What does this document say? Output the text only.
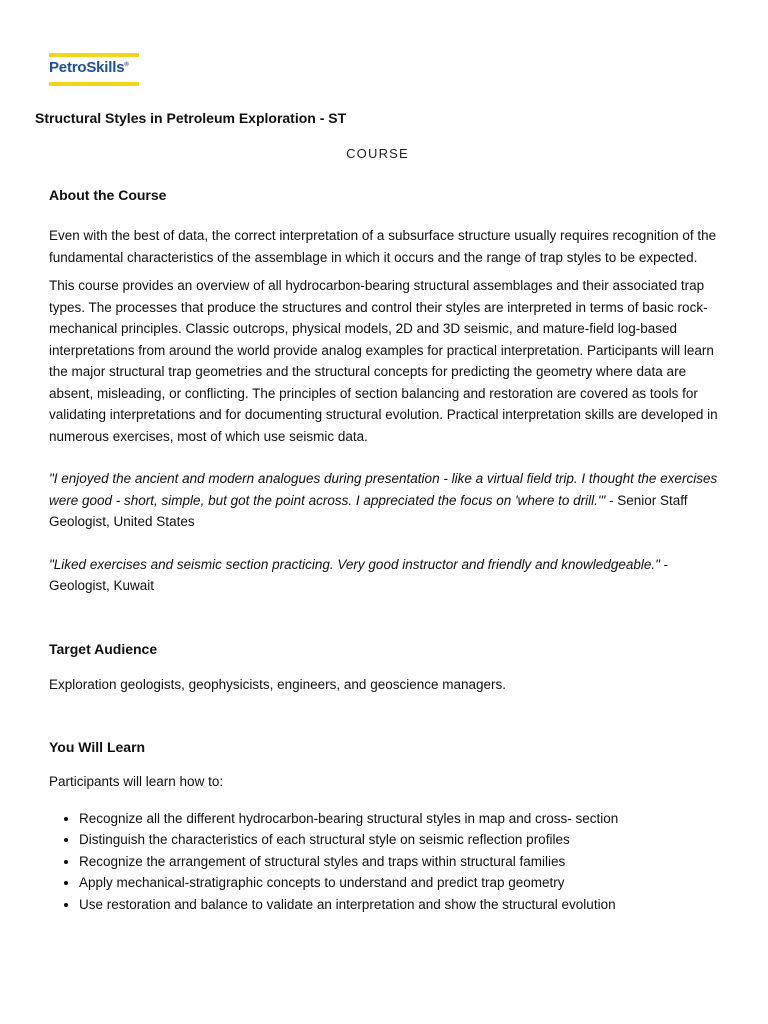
PetroSkills®
Structural Styles in Petroleum Exploration - ST
COURSE
About the Course

Even with the best of data, the correct interpretation of a subsurface structure usually requires recognition of the fundamental characteristics of the assemblage in which it occurs and the range of trap styles to be expected.

This course provides an overview of all hydrocarbon-bearing structural assemblages and their associated trap types. The processes that produce the structures and control their styles are interpreted in terms of basic rock-mechanical principles. Classic outcrops, physical models, 2D and 3D seismic, and mature-field log-based interpretations from around the world provide analog examples for practical interpretation. Participants will learn the major structural trap geometries and the structural concepts for predicting the geometry where data are absent, misleading, or conflicting. The principles of section balancing and restoration are covered as tools for validating interpretations and for documenting structural evolution. Practical interpretation skills are developed in numerous exercises, most of which use seismic data.

"I enjoyed the ancient and modern analogues during presentation - like a virtual field trip. I thought the exercises were good - short, simple, but got the point across. I appreciated the focus on 'where to drill.'" - Senior Staff Geologist, United States

"Liked exercises and seismic section practicing. Very good instructor and friendly and knowledgeable." - Geologist, Kuwait

Target Audience

Exploration geologists, geophysicists, engineers, and geoscience managers.

You Will Learn

Participants will learn how to:

• Recognize all the different hydrocarbon-bearing structural styles in map and cross- section
• Distinguish the characteristics of each structural style on seismic reflection profiles
• Recognize the arrangement of structural styles and traps within structural families
• Apply mechanical-stratigraphic concepts to understand and predict trap geometry
• Use restoration and balance to validate an interpretation and show the structural evolution
